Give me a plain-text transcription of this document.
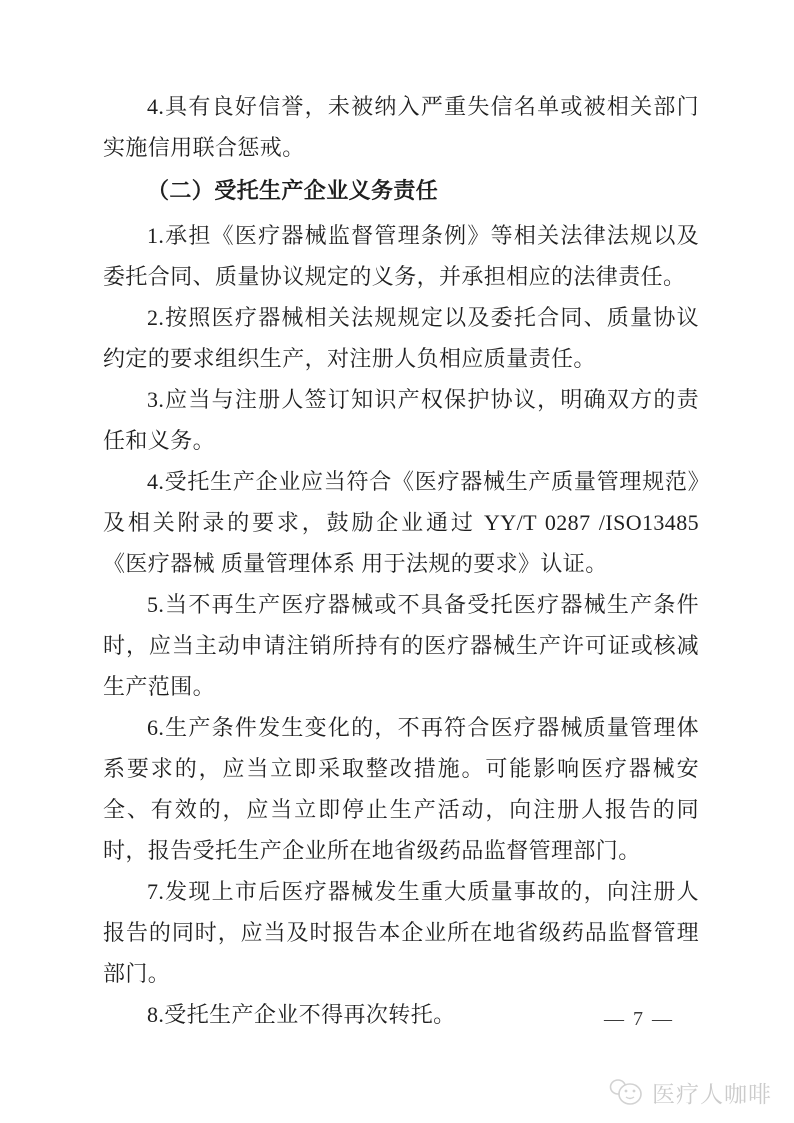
4.具有良好信誉，未被纳入严重失信名单或被相关部门实施信用联合惩戒。

（二）受托生产企业义务责任

1.承担《医疗器械监督管理条例》等相关法律法规以及委托合同、质量协议规定的义务，并承担相应的法律责任。

2.按照医疗器械相关法规规定以及委托合同、质量协议约定的要求组织生产，对注册人负相应质量责任。

3.应当与注册人签订知识产权保护协议，明确双方的责任和义务。

4.受托生产企业应当符合《医疗器械生产质量管理规范》及相关附录的要求，鼓励企业通过 YY/T 0287 /ISO13485《医疗器械 质量管理体系 用于法规的要求》认证。

5.当不再生产医疗器械或不具备受托医疗器械生产条件时，应当主动申请注销所持有的医疗器械生产许可证或核减生产范围。

6.生产条件发生变化的，不再符合医疗器械质量管理体系要求的，应当立即采取整改措施。可能影响医疗器械安全、有效的，应当立即停止生产活动，向注册人报告的同时，报告受托生产企业所在地省级药品监督管理部门。

7.发现上市后医疗器械发生重大质量事故的，向注册人报告的同时，应当及时报告本企业所在地省级药品监督管理部门。

8.受托生产企业不得再次转托。	— 7 —
医疗人咖啡
